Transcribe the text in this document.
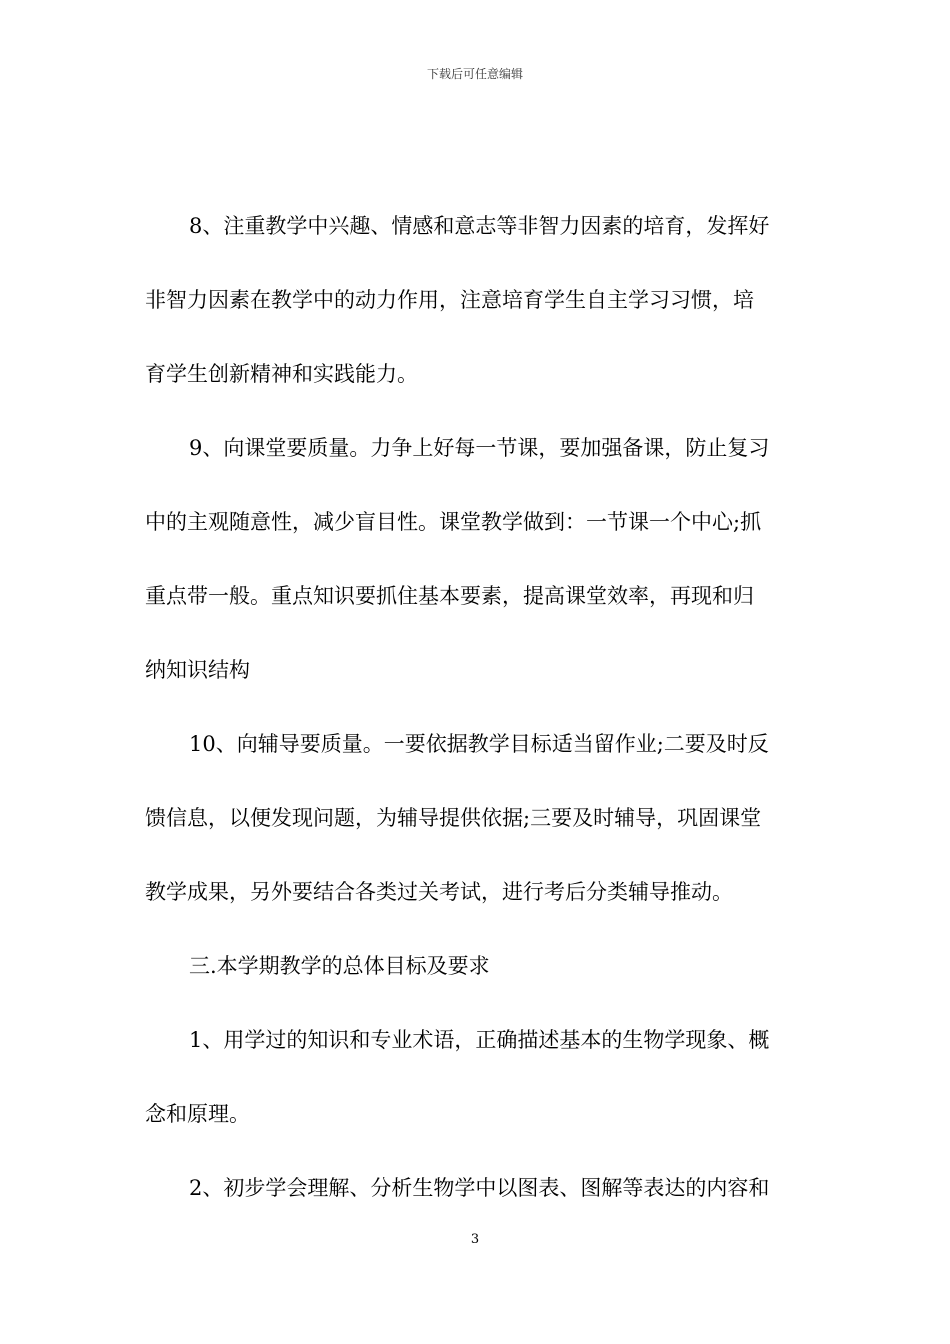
下载后可任意编辑
8、注重教学中兴趣、情感和意志等非智力因素的培育，发挥好
非智力因素在教学中的动力作用，注意培育学生自主学习习惯，培
育学生创新精神和实践能力。
9、向课堂要质量。力争上好每一节课，要加强备课，防止复习
中的主观随意性，减少盲目性。课堂教学做到：一节课一个中心;抓
重点带一般。重点知识要抓住基本要素，提高课堂效率，再现和归
纳知识结构
10、向辅导要质量。一要依据教学目标适当留作业;二要及时反
馈信息，以便发现问题，为辅导提供依据;三要及时辅导，巩固课堂
教学成果，另外要结合各类过关考试，进行考后分类辅导推动。
三.本学期教学的总体目标及要求
1、用学过的知识和专业术语，正确描述基本的生物学现象、概
念和原理。
2、初步学会理解、分析生物学中以图表、图解等表达的内容和
3
